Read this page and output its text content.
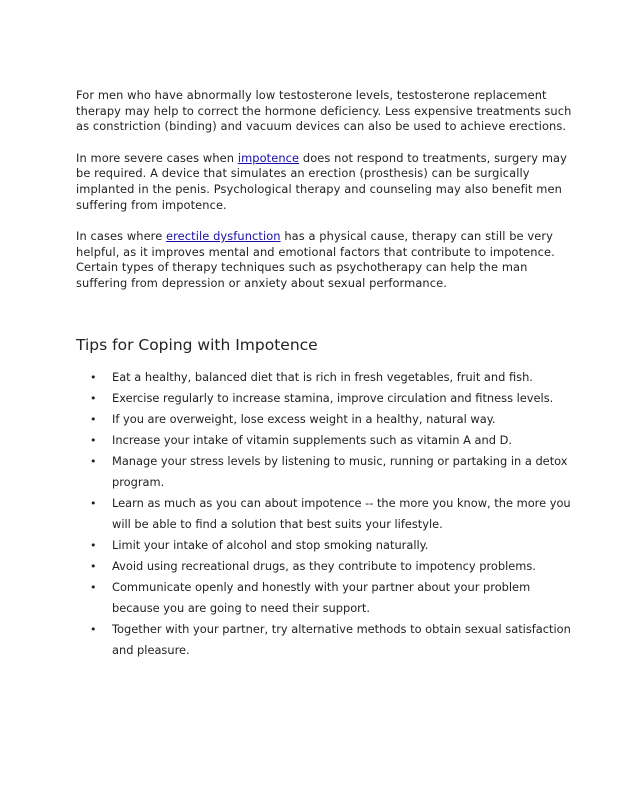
For men who have abnormally low testosterone levels, testosterone replacement therapy may help to correct the hormone deficiency. Less expensive treatments such as constriction (binding) and vacuum devices can also be used to achieve erections.

In more severe cases when impotence does not respond to treatments, surgery may be required. A device that simulates an erection (prosthesis) can be surgically implanted in the penis. Psychological therapy and counseling may also benefit men suffering from impotence.

In cases where erectile dysfunction has a physical cause, therapy can still be very helpful, as it improves mental and emotional factors that contribute to impotence. Certain types of therapy techniques such as psychotherapy can help the man suffering from depression or anxiety about sexual performance.

Tips for Coping with Impotence
• Eat a healthy, balanced diet that is rich in fresh vegetables, fruit and fish.
• Exercise regularly to increase stamina, improve circulation and fitness levels.
• If you are overweight, lose excess weight in a healthy, natural way.
• Increase your intake of vitamin supplements such as vitamin A and D.
• Manage your stress levels by listening to music, running or partaking in a detox program.
• Learn as much as you can about impotence -- the more you know, the more you will be able to find a solution that best suits your lifestyle.
• Limit your intake of alcohol and stop smoking naturally.
• Avoid using recreational drugs, as they contribute to impotency problems.
• Communicate openly and honestly with your partner about your problem because you are going to need their support.
• Together with your partner, try alternative methods to obtain sexual satisfaction and pleasure.
